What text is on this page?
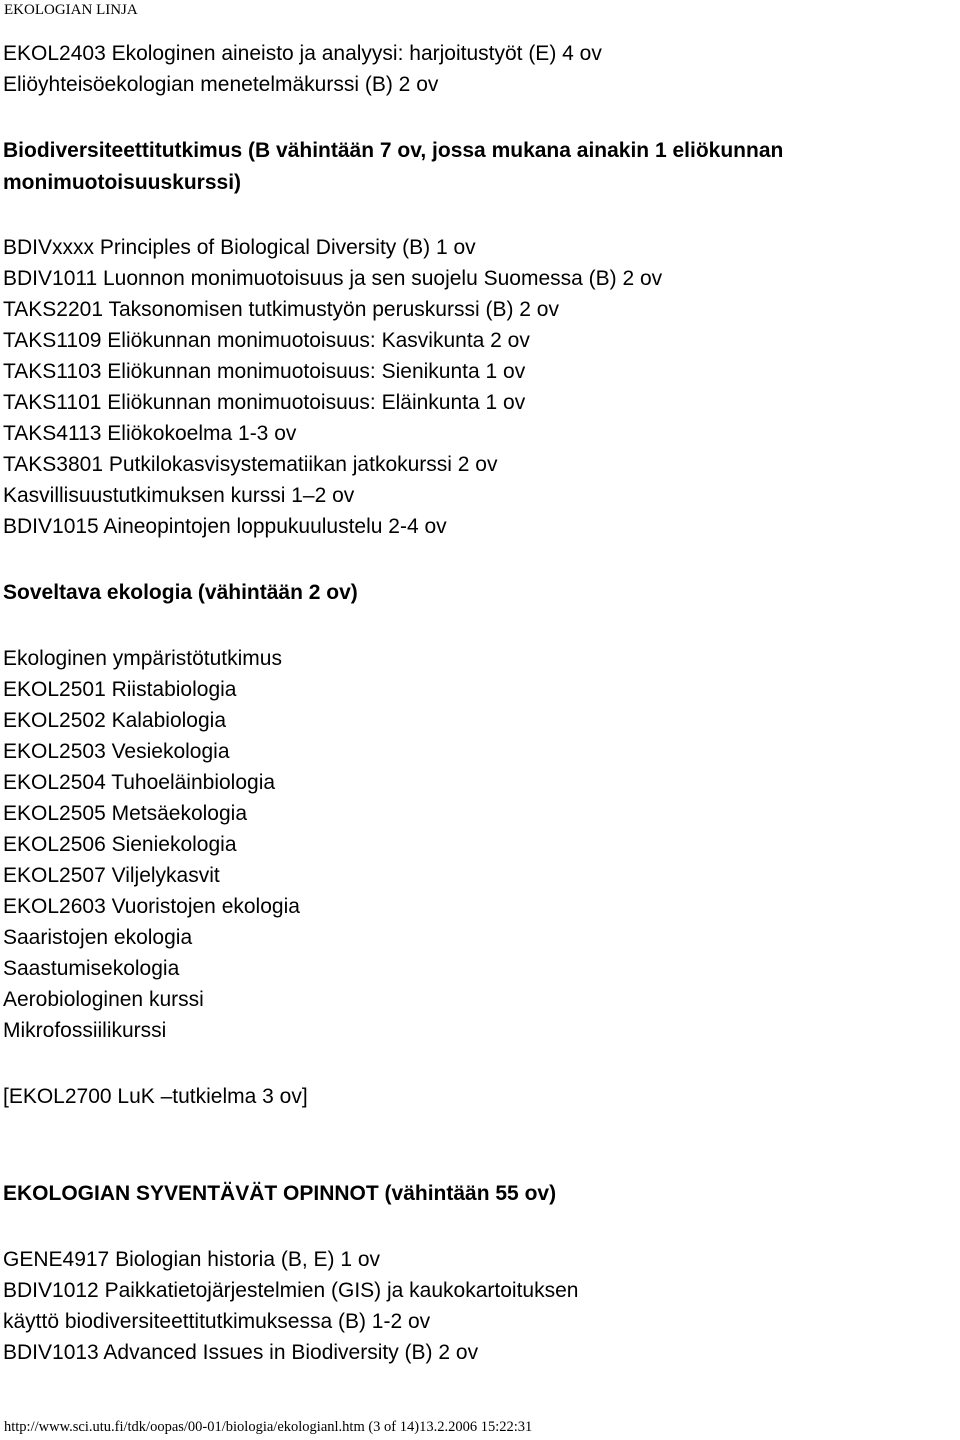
EKOLOGIAN LINJA
EKOL2403 Ekologinen aineisto ja analyysi: harjoitustyöt (E) 4 ov
Eliöyhteisöekologian menetelmäkurssi (B) 2 ov
Biodiversiteettitutkimus (B vähintään 7 ov, jossa mukana ainakin 1 eliökunnan
monimuotoisuuskurssi)
BDIVxxxx Principles of Biological Diversity (B) 1 ov
BDIV1011 Luonnon monimuotoisuus ja sen suojelu Suomessa (B) 2 ov
TAKS2201 Taksonomisen tutkimustyön peruskurssi (B) 2 ov
TAKS1109 Eliökunnan monimuotoisuus: Kasvikunta 2 ov
TAKS1103 Eliökunnan monimuotoisuus: Sienikunta 1 ov
TAKS1101 Eliökunnan monimuotoisuus: Eläinkunta 1 ov
TAKS4113 Eliökokoelma 1-3 ov
TAKS3801 Putkilokasvisystematiikan jatkokurssi 2 ov
Kasvillisuustutkimuksen kurssi 1–2 ov
BDIV1015 Aineopintojen loppukuulustelu 2-4 ov
Soveltava ekologia (vähintään 2 ov)
Ekologinen ympäristötutkimus
EKOL2501 Riistabiologia
EKOL2502 Kalabiologia
EKOL2503 Vesiekologia
EKOL2504 Tuhoeläinbiologia
EKOL2505 Metsäekologia
EKOL2506 Sieniekologia
EKOL2507 Viljelykasvit
EKOL2603 Vuoristojen ekologia
Saaristojen ekologia
Saastumisekologia
Aerobiologinen kurssi
Mikrofossiilikurssi
[EKOL2700 LuK –tutkielma 3 ov]
EKOLOGIAN SYVENTÄVÄT OPINNOT (vähintään 55 ov)
GENE4917 Biologian historia (B, E) 1 ov
BDIV1012 Paikkatietojärjestelmien (GIS) ja kaukokartoituksen
käyttö biodiversiteettitutkimuksessa (B) 1-2 ov
BDIV1013 Advanced Issues in Biodiversity (B) 2 ov
http://www.sci.utu.fi/tdk/oopas/00-01/biologia/ekologianl.htm (3 of 14)13.2.2006 15:22:31
